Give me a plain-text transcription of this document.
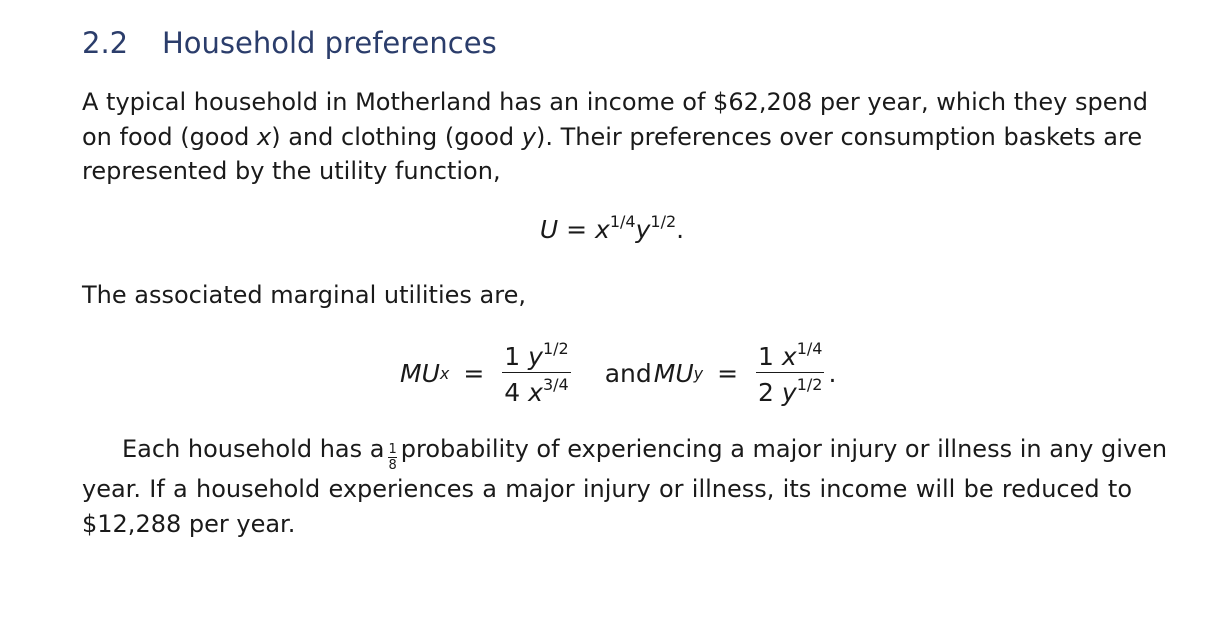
2.2 Household preferences
A typical household in Motherland has an income of $62,208 per year, which they spend
on food (good x) and clothing (good y). Their preferences over consumption baskets are
represented by the utility function,
$U = x^{1/4}y^{1/2}$.
The associated marginal utilities are,
MU $x = \frac{1 y^{1/2}}{4 x^{3/4}}$ and MU $y = \frac{1 x^{1/4}}{2 y^{1/2}}$ .
Each household has a $\frac{1}{8}$ probability of experiencing a major injury or illness in any given
year. If a household experiences a major injury or illness, its income will be reduced to
$12,288 per year.
